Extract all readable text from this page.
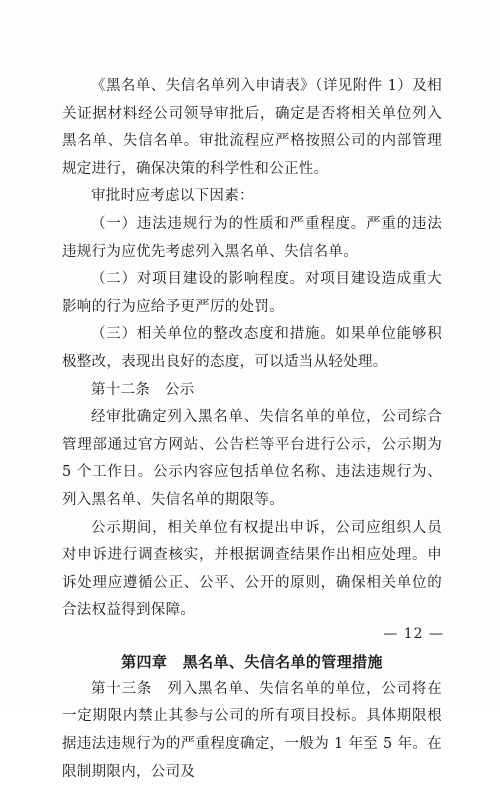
《黑名单、失信名单列入申请表》（详见附件 1）及相关证据材料经公司领导审批后，确定是否将相关单位列入黑名单、失信名单。审批流程应严格按照公司的内部管理规定进行，确保决策的科学性和公正性。

审批时应考虑以下因素：

（一）违法违规行为的性质和严重程度。严重的违法违规行为应优先考虑列入黑名单、失信名单。

（二）对项目建设的影响程度。对项目建设造成重大影响的行为应给予更严厉的处罚。

（三）相关单位的整改态度和措施。如果单位能够积极整改，表现出良好的态度，可以适当从轻处理。

第十二条　公示

经审批确定列入黑名单、失信名单的单位，公司综合管理部通过官方网站、公告栏等平台进行公示，公示期为 5 个工作日。公示内容应包括单位名称、违法违规行为、列入黑名单、失信名单的期限等。

公示期间，相关单位有权提出申诉，公司应组织人员对申诉进行调查核实，并根据调查结果作出相应处理。申诉处理应遵循公正、公平、公开的原则，确保相关单位的合法权益得到保障。

第四章　黑名单、失信名单的管理措施

第十三条　列入黑名单、失信名单的单位，公司将在一定期限内禁止其参与公司的所有项目投标。具体期限根据违法违规行为的严重程度确定，一般为 1 年至 5 年。在限制期限内，公司及

— 12 —
